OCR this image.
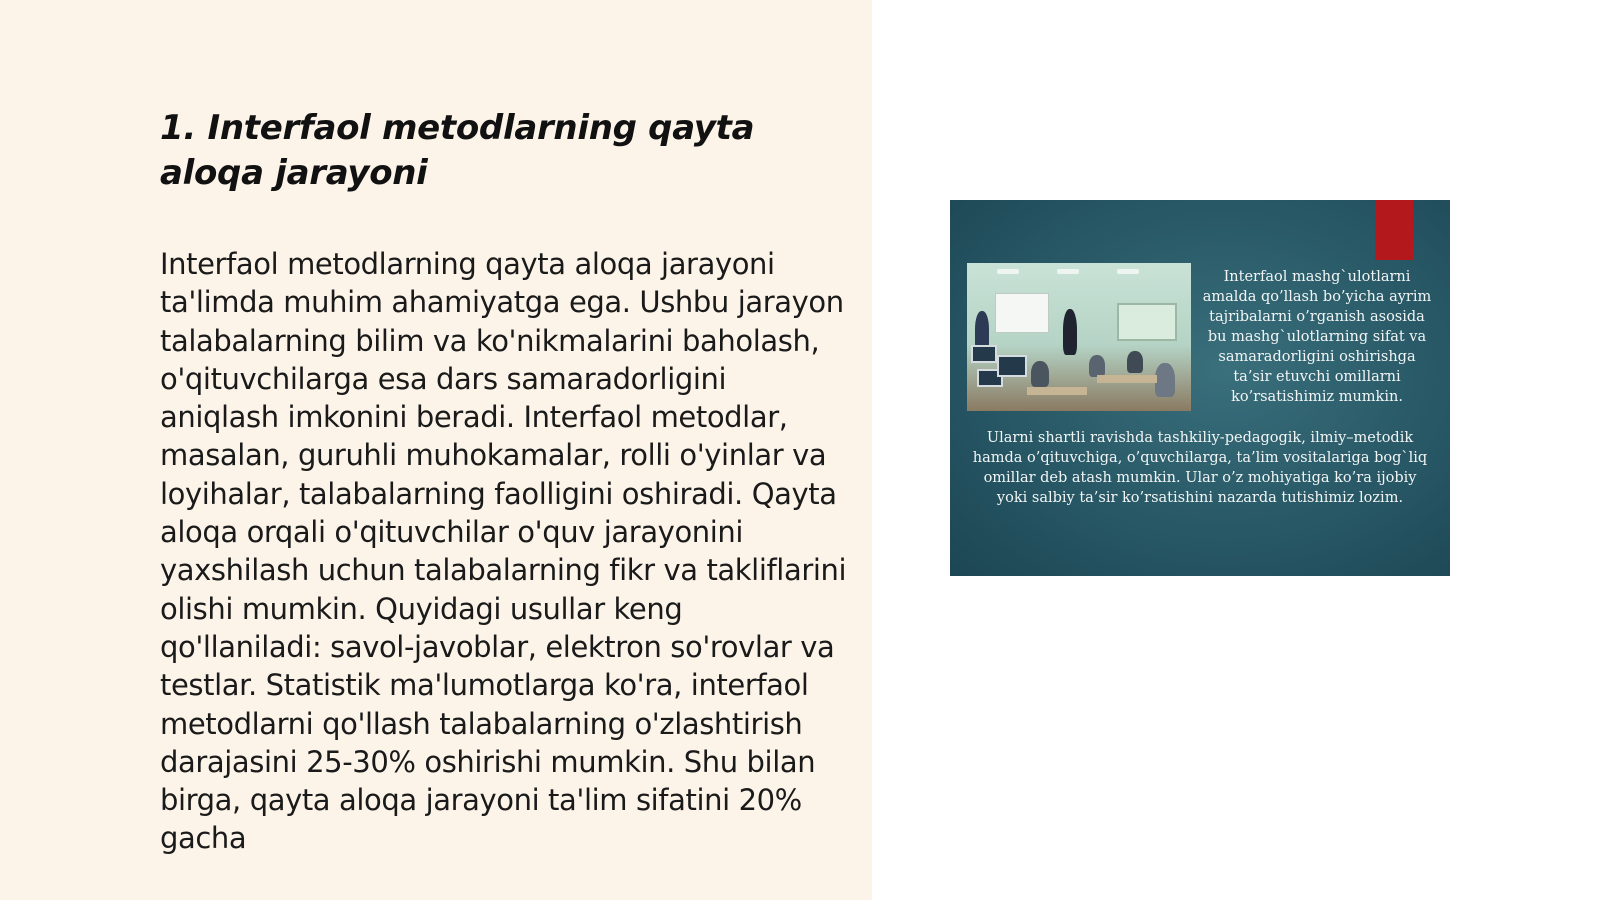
1. Interfaol metodlarning qayta aloqa jarayoni

Interfaol metodlarning qayta aloqa jarayoni ta'limda muhim ahamiyatga ega. Ushbu jarayon talabalarning bilim va ko'nikmalarini baholash, o'qituvchilarga esa dars samaradorligini aniqlash imkonini beradi. Interfaol metodlar, masalan, guruhli muhokamalar, rolli o'yinlar va loyihalar, talabalarning faolligini oshiradi. Qayta aloqa orqali o'qituvchilar o'quv jarayonini yaxshilash uchun talabalarning fikr va takliflarini olishi mumkin. Quyidagi usullar keng qo'llaniladi: savol-javoblar, elektron so'rovlar va testlar. Statistik ma'lumotlarga ko'ra, interfaol metodlarni qo'llash talabalarning o'zlashtirish darajasini 25-30% oshirishi mumkin. Shu bilan birga, qayta aloqa jarayoni ta'lim sifatini 20% gacha

Interfaol mashg`ulotlarni amalda qo’llash bo’yicha ayrim tajribalarni o’rganish asosida bu mashg`ulotlarning sifat va samaradorligini oshirishga ta’sir etuvchi omillarni ko’rsatishimiz mumkin.

Ularni shartli ravishda tashkiliy-pedagogik, ilmiy–metodik hamda o’qituvchiga, o’quvchilarga, ta’lim vositalariga bog`liq omillar deb atash mumkin. Ular o’z mohiyatiga ko’ra ijobiy yoki salbiy ta’sir ko’rsatishini nazarda tutishimiz lozim.
